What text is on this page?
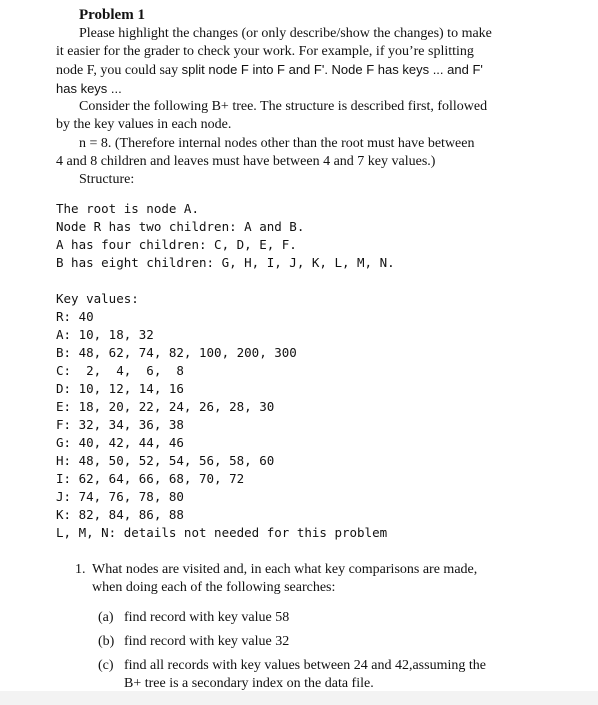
Problem 1
Please highlight the changes (or only describe/show the changes) to make
it easier for the grader to check your work. For example, if you’re splitting
node F, you could say split node F into F and F'. Node F has keys ... and F'
has keys ...
Consider the following B+ tree. The structure is described first, followed
by the key values in each node.
n = 8. (Therefore internal nodes other than the root must have between
4 and 8 children and leaves must have between 4 and 7 key values.)
Structure:
The root is node A.
Node R has two children: A and B.
A has four children: C, D, E, F.
B has eight children: G, H, I, J, K, L, M, N.
Key values:
R: 40
A: 10, 18, 32
B: 48, 62, 74, 82, 100, 200, 300
C:  2,  4,  6,  8
D: 10, 12, 14, 16
E: 18, 20, 22, 24, 26, 28, 30
F: 32, 34, 36, 38
G: 40, 42, 44, 46
H: 48, 50, 52, 54, 56, 58, 60
I: 62, 64, 66, 68, 70, 72
J: 74, 76, 78, 80
K: 82, 84, 86, 88
L, M, N: details not needed for this problem
1. What nodes are visited and, in each what key comparisons are made,
when doing each of the following searches:
(a) find record with key value 58
(b) find record with key value 32
(c) find all records with key values between 24 and 42,assuming the
B+ tree is a secondary index on the data file.
